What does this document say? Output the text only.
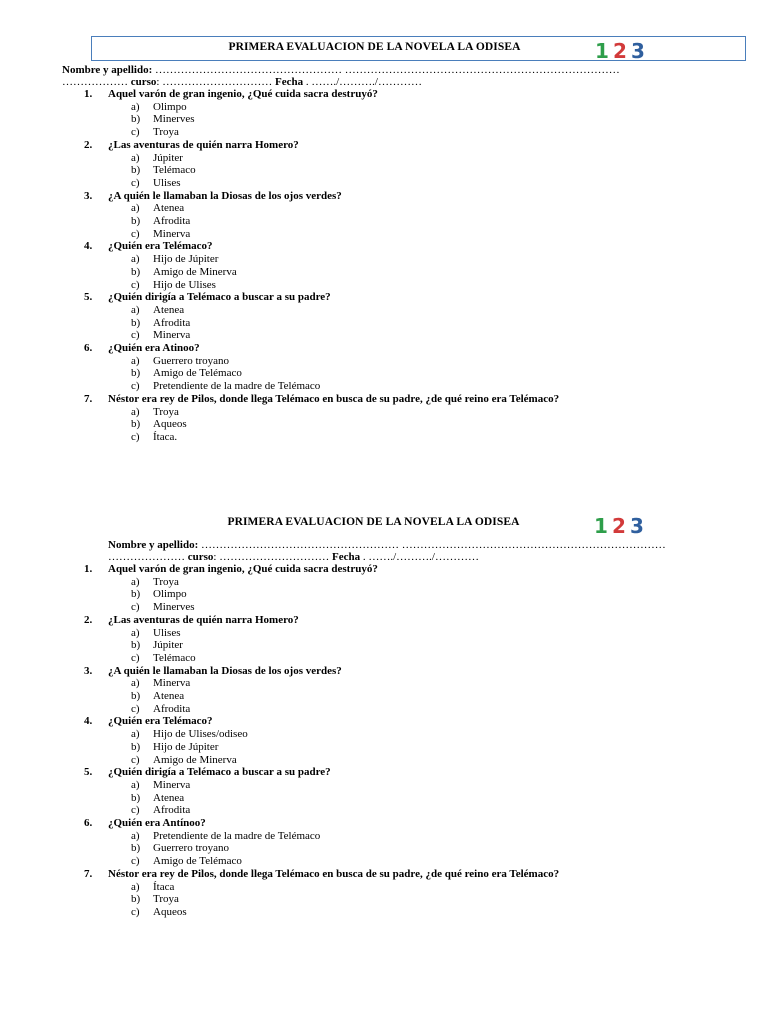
PRIMERA EVALUACION DE LA NOVELA LA ODISEA	1 2 3
Nombre y apellido: …………………………………………… …………………………………………………………………
……………… curso: ………………………… Fecha . ……./………./…………
1. Aquel varón de gran ingenio, ¿Qué cuida sacra destruyó?
a) Olimpo
b) Minerves
c) Troya
2. ¿Las aventuras de quién narra Homero?
a) Júpiter
b) Telémaco
c) Ulises
3. ¿A quién le llamaban la Diosas de los ojos verdes?
a) Atenea
b) Afrodita
c) Minerva
4. ¿Quién era Telémaco?
a) Hijo de Júpiter
b) Amigo de Minerva
c) Hijo de Ulises
5. ¿Quién dirigía a Telémaco a buscar a su padre?
a) Atenea
b) Afrodita
c) Minerva
6. ¿Quién era Atinoo?
a) Guerrero troyano
b) Amigo de Telémaco
c) Pretendiente de la madre de Telémaco
7. Néstor era rey de Pilos, donde llega Telémaco en busca de su padre, ¿de qué reino era Telémaco?
a) Troya
b) Aqueos
c) Ítaca.
PRIMERA EVALUACION DE LA NOVELA LA ODISEA	1 2 3
Nombre y apellido: ……………………………………………… ………………………………………………………………
………………… curso: ………………………… Fecha . ……./………./…………
1. Aquel varón de gran ingenio, ¿Qué cuida sacra destruyó?
a) Troya
b) Olimpo
c) Minerves
2. ¿Las aventuras de quién narra Homero?
a) Ulises
b) Júpiter
c) Telémaco
3. ¿A quién le llamaban la Diosas de los ojos verdes?
a) Minerva
b) Atenea
c) Afrodita
4. ¿Quién era Telémaco?
a) Hijo de Ulises/odiseo
b) Hijo de Júpiter
c) Amigo de Minerva
5. ¿Quién dirigía a Telémaco a buscar a su padre?
a) Minerva
b) Atenea
c) Afrodita
6. ¿Quién era Antínoo?
a) Pretendiente de la madre de Telémaco
b) Guerrero troyano
c) Amigo de Telémaco
7. Néstor era rey de Pilos, donde llega Telémaco en busca de su padre, ¿de qué reino era Telémaco?
a) Ítaca
b) Troya
c) Aqueos
